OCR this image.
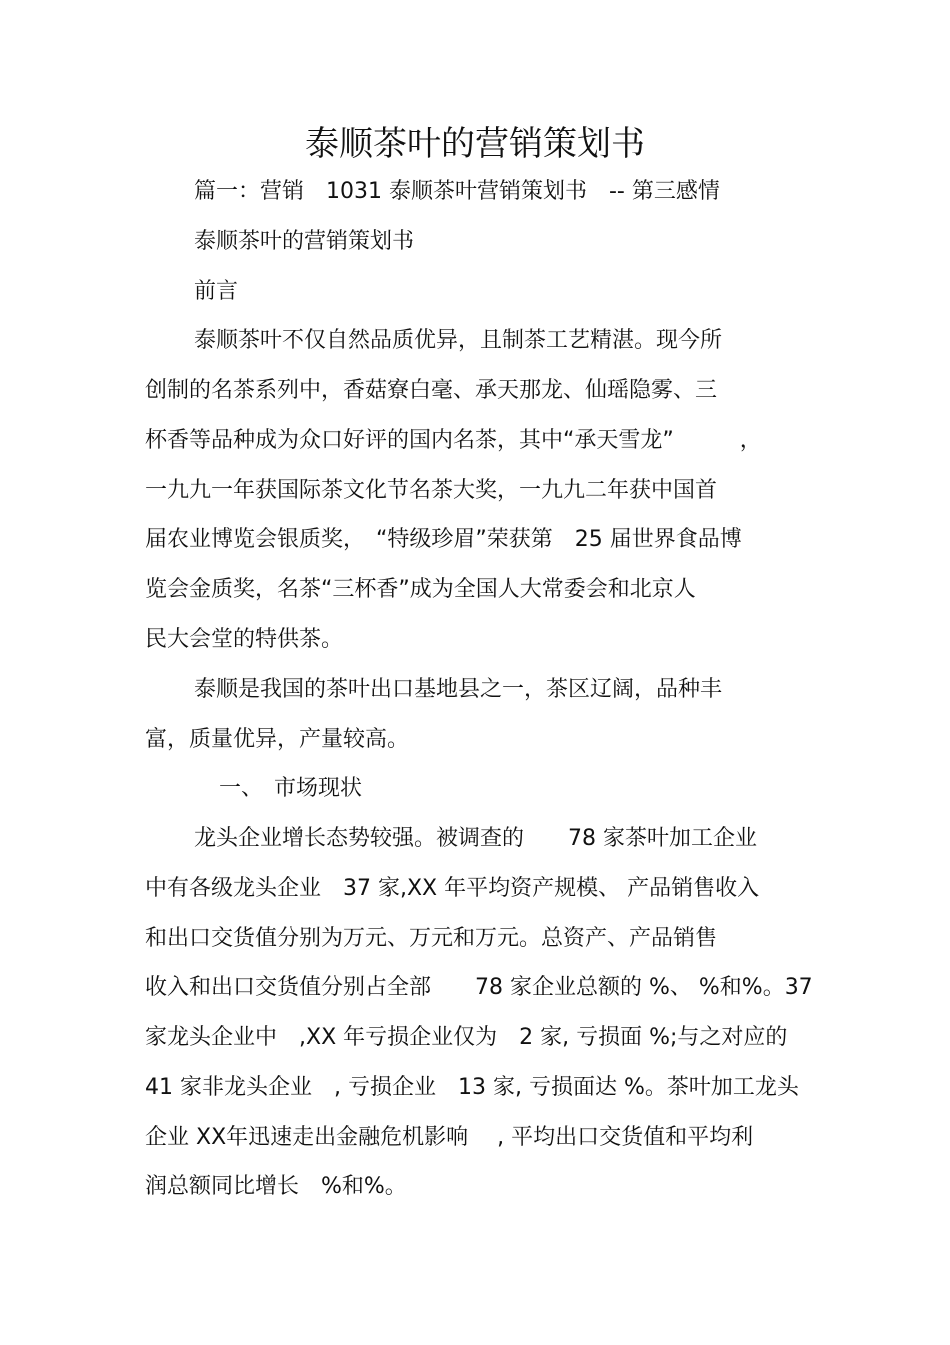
泰顺茶叶的营销策划书
篇一：营销　1031 泰顺茶叶营销策划书　-- 第三感情
泰顺茶叶的营销策划书
前言
泰顺茶叶不仅自然品质优异，且制茶工艺精湛。现今所
创制的名茶系列中，香菇寮白毫、承天那龙、仙瑶隐雾、三
杯香等品种成为众口好评的国内名茶，其中“承天雪龙”　　　，
一九九一年获国际茶文化节名茶大奖，一九九二年获中国首
届农业博览会银质奖，　“特级珍眉”荣获第　25 届世界食品博
览会金质奖，名茶“三杯香”成为全国人大常委会和北京人
民大会堂的特供茶。
泰顺是我国的茶叶出口基地县之一，茶区辽阔，品种丰
富，质量优异，产量较高。
一、　市场现状
龙头企业增长态势较强。被调查的　　78 家茶叶加工企业
中有各级龙头企业　37 家,XX 年平均资产规模、 产品销售收入
和出口交货值分别为万元、万元和万元。总资产、产品销售
收入和出口交货值分别占全部　　78 家企业总额的 %、 %和%。37
家龙头企业中　,XX 年亏损企业仅为　2 家, 亏损面 %;与之对应的
41 家非龙头企业　, 亏损企业　13 家, 亏损面达 %。茶叶加工龙头
企业 XX年迅速走出金融危机影响　 , 平均出口交货值和平均利
润总额同比增长　%和%。
